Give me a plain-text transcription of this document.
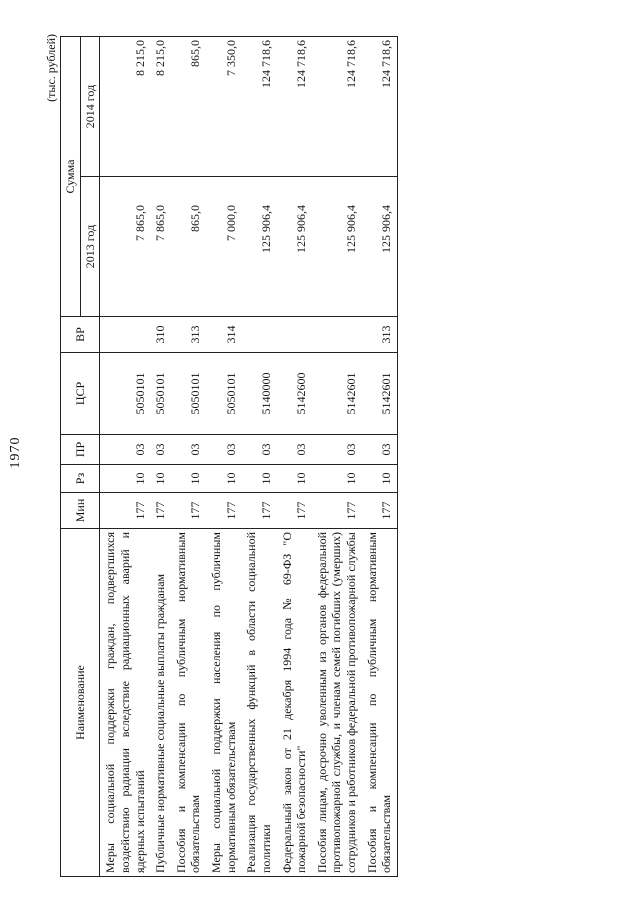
1970
(тыс. рублей)
Наименование	Мин	Рз	ПР	ЦСР	ВР	Сумма	
						2013 год	2014 год
Меры социальной поддержки граждан, подвергшихся воздействию радиации вследствие радиационных аварий и ядерных испытаний	177	10	03	5050101		7 865,0	8 215,0
Публичные нормативные социальные выплаты гражданам	177	10	03	5050101	310	7 865,0	8 215,0
Пособия и компенсации по публичным нормативным обязательствам	177	10	03	5050101	313	865,0	865,0
Меры социальной поддержки населения по публичным нормативным обязательствам	177	10	03	5050101	314	7 000,0	7 350,0
Реализация государственных функций в области социальной политики	177	10	03	5140000		125 906,4	124 718,6
Федеральный закон от 21 декабря 1994 года № 69-ФЗ "О пожарной безопасности"	177	10	03	5142600		125 906,4	124 718,6
Пособия лицам, досрочно уволенным из органов федеральной противопожарной службы, и членам семей погибших (умерших) сотрудников и работников федеральной противопожарной службы	177	10	03	5142601		125 906,4	124 718,6
Пособия и компенсации по публичным нормативным обязательствам	177	10	03	5142601	313	125 906,4	124 718,6
